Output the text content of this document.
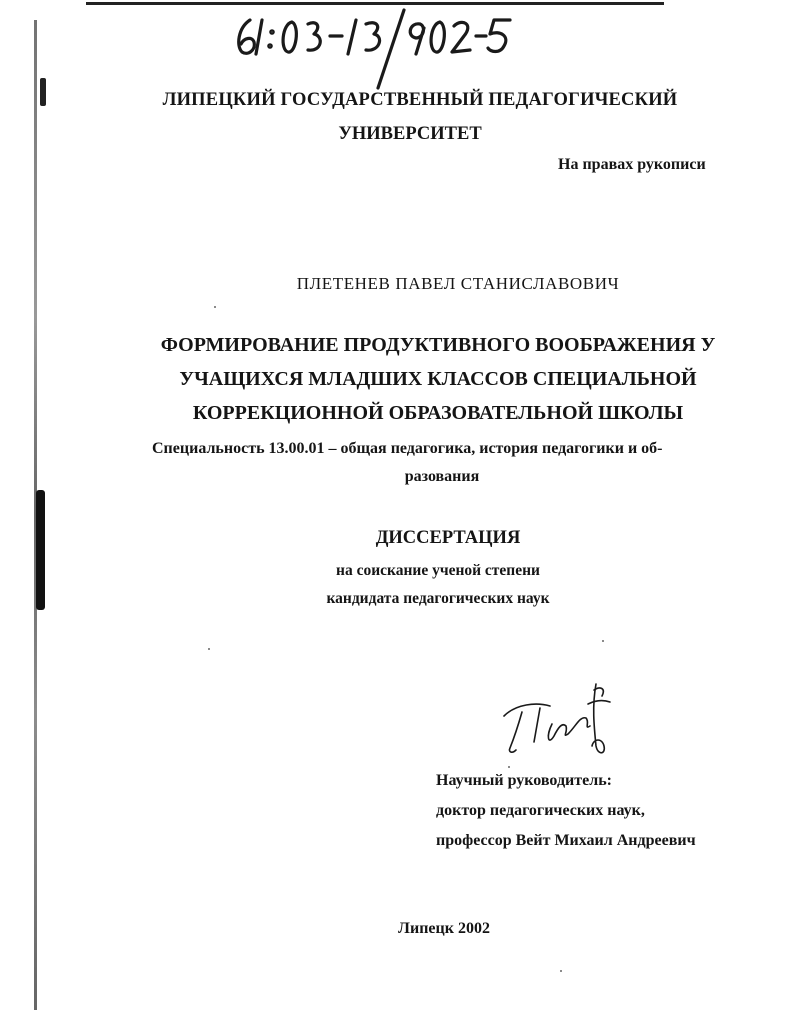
ЛИПЕЦКИЙ ГОСУДАРСТВЕННЫЙ ПЕДАГОГИЧЕСКИЙ
УНИВЕРСИТЕТ
На правах рукописи
ПЛЕТЕНЕВ ПАВЕЛ СТАНИСЛАВОВИЧ
ФОРМИРОВАНИЕ ПРОДУКТИВНОГО ВООБРАЖЕНИЯ У
УЧАЩИХСЯ МЛАДШИХ КЛАССОВ СПЕЦИАЛЬНОЙ
КОРРЕКЦИОННОЙ ОБРАЗОВАТЕЛЬНОЙ ШКОЛЫ
Специальность 13.00.01 – общая педагогика, история педагогики и об-
разования
ДИССЕРТАЦИЯ
на соискание ученой степени
кандидата педагогических наук
Научный руководитель:
доктор педагогических наук,
профессор Вейт Михаил Андреевич
Липецк 2002
